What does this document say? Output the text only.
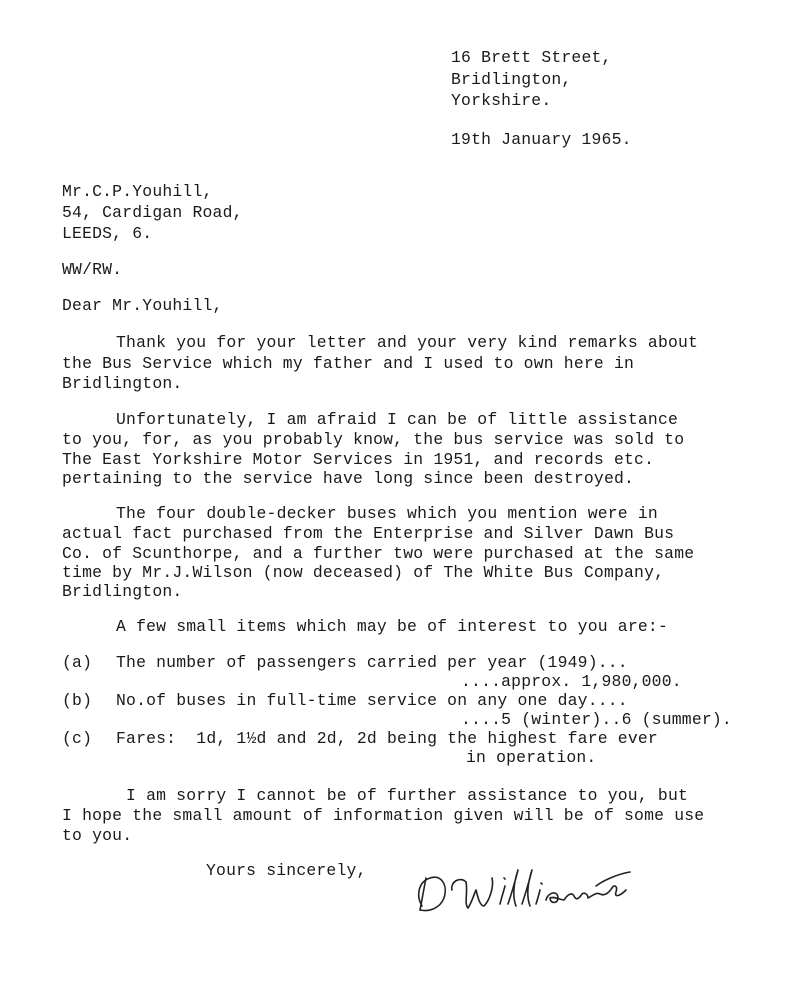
16 Brett Street,
Bridlington,
Yorkshire.
19th January 1965.
Mr.C.P.Youhill,
54, Cardigan Road,
LEEDS, 6.
WW/RW.
Dear Mr.Youhill,
Thank you for your letter and your very kind remarks about
the Bus Service which my father and I used to own here in
Bridlington.
Unfortunately, I am afraid I can be of little assistance
to you, for, as you probably know, the bus service was sold to
The East Yorkshire Motor Services in 1951, and records etc.
pertaining to the service have long since been destroyed.
The four double-decker buses which you mention were in
actual fact purchased from the Enterprise and Silver Dawn Bus
Co. of Scunthorpe, and a further two were purchased at the same
time by Mr.J.Wilson (now deceased) of The White Bus Company,
Bridlington.
A few small items which may be of interest to you are:-
(a) The number of passengers carried per year (1949)...
....approx. 1,980,000.
(b) No.of buses in full-time service on any one day....
....5 (winter)..6 (summer).
(c) Fares:  1d, 1½d and 2d, 2d being the highest fare ever
in operation.
I am sorry I cannot be of further assistance to you, but
I hope the small amount of information given will be of some use
to you.
Yours sincerely,
